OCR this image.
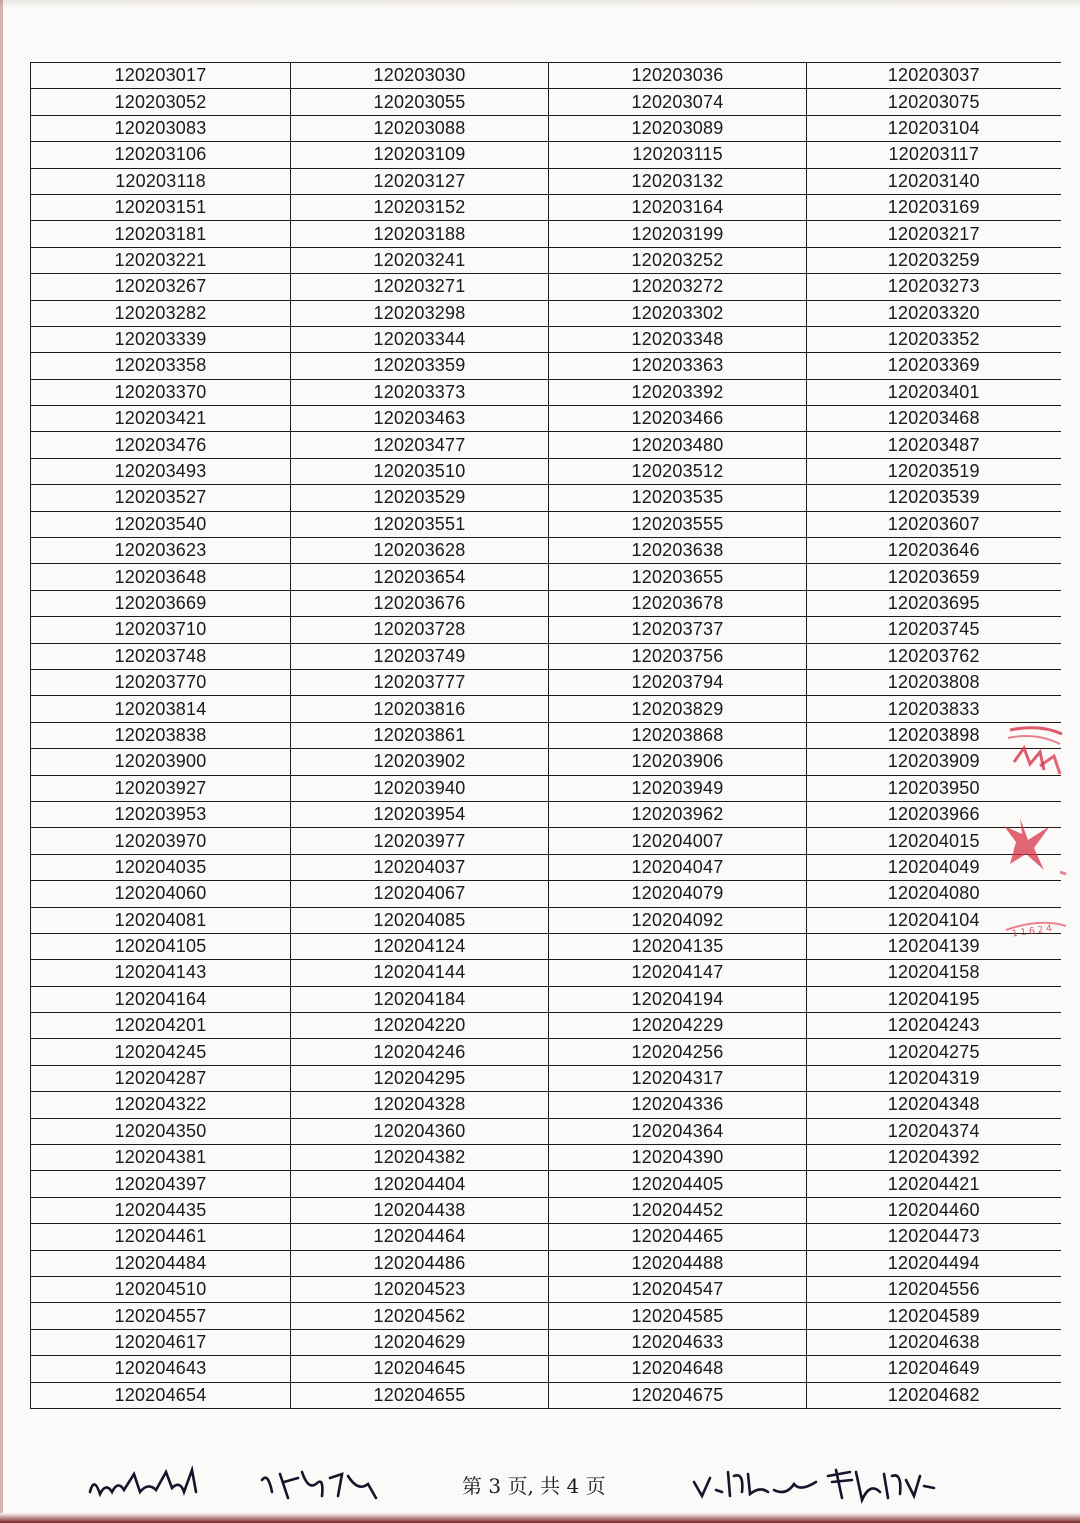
120203017	120203030	120203036	120203037
120203052	120203055	120203074	120203075
120203083	120203088	120203089	120203104
120203106	120203109	120203115	120203117
120203118	120203127	120203132	120203140
120203151	120203152	120203164	120203169
120203181	120203188	120203199	120203217
120203221	120203241	120203252	120203259
120203267	120203271	120203272	120203273
120203282	120203298	120203302	120203320
120203339	120203344	120203348	120203352
120203358	120203359	120203363	120203369
120203370	120203373	120203392	120203401
120203421	120203463	120203466	120203468
120203476	120203477	120203480	120203487
120203493	120203510	120203512	120203519
120203527	120203529	120203535	120203539
120203540	120203551	120203555	120203607
120203623	120203628	120203638	120203646
120203648	120203654	120203655	120203659
120203669	120203676	120203678	120203695
120203710	120203728	120203737	120203745
120203748	120203749	120203756	120203762
120203770	120203777	120203794	120203808
120203814	120203816	120203829	120203833
120203838	120203861	120203868	120203898
120203900	120203902	120203906	120203909
120203927	120203940	120203949	120203950
120203953	120203954	120203962	120203966
120203970	120203977	120204007	120204015
120204035	120204037	120204047	120204049
120204060	120204067	120204079	120204080
120204081	120204085	120204092	120204104
120204105	120204124	120204135	120204139
120204143	120204144	120204147	120204158
120204164	120204184	120204194	120204195
120204201	120204220	120204229	120204243
120204245	120204246	120204256	120204275
120204287	120204295	120204317	120204319
120204322	120204328	120204336	120204348
120204350	120204360	120204364	120204374
120204381	120204382	120204390	120204392
120204397	120204404	120204405	120204421
120204435	120204438	120204452	120204460
120204461	120204464	120204465	120204473
120204484	120204486	120204488	120204494
120204510	120204523	120204547	120204556
120204557	120204562	120204585	120204589
120204617	120204629	120204633	120204638
120204643	120204645	120204648	120204649
120204654	120204655	120204675	120204682
1 1 6 2 4
第 3 页, 共 4 页
